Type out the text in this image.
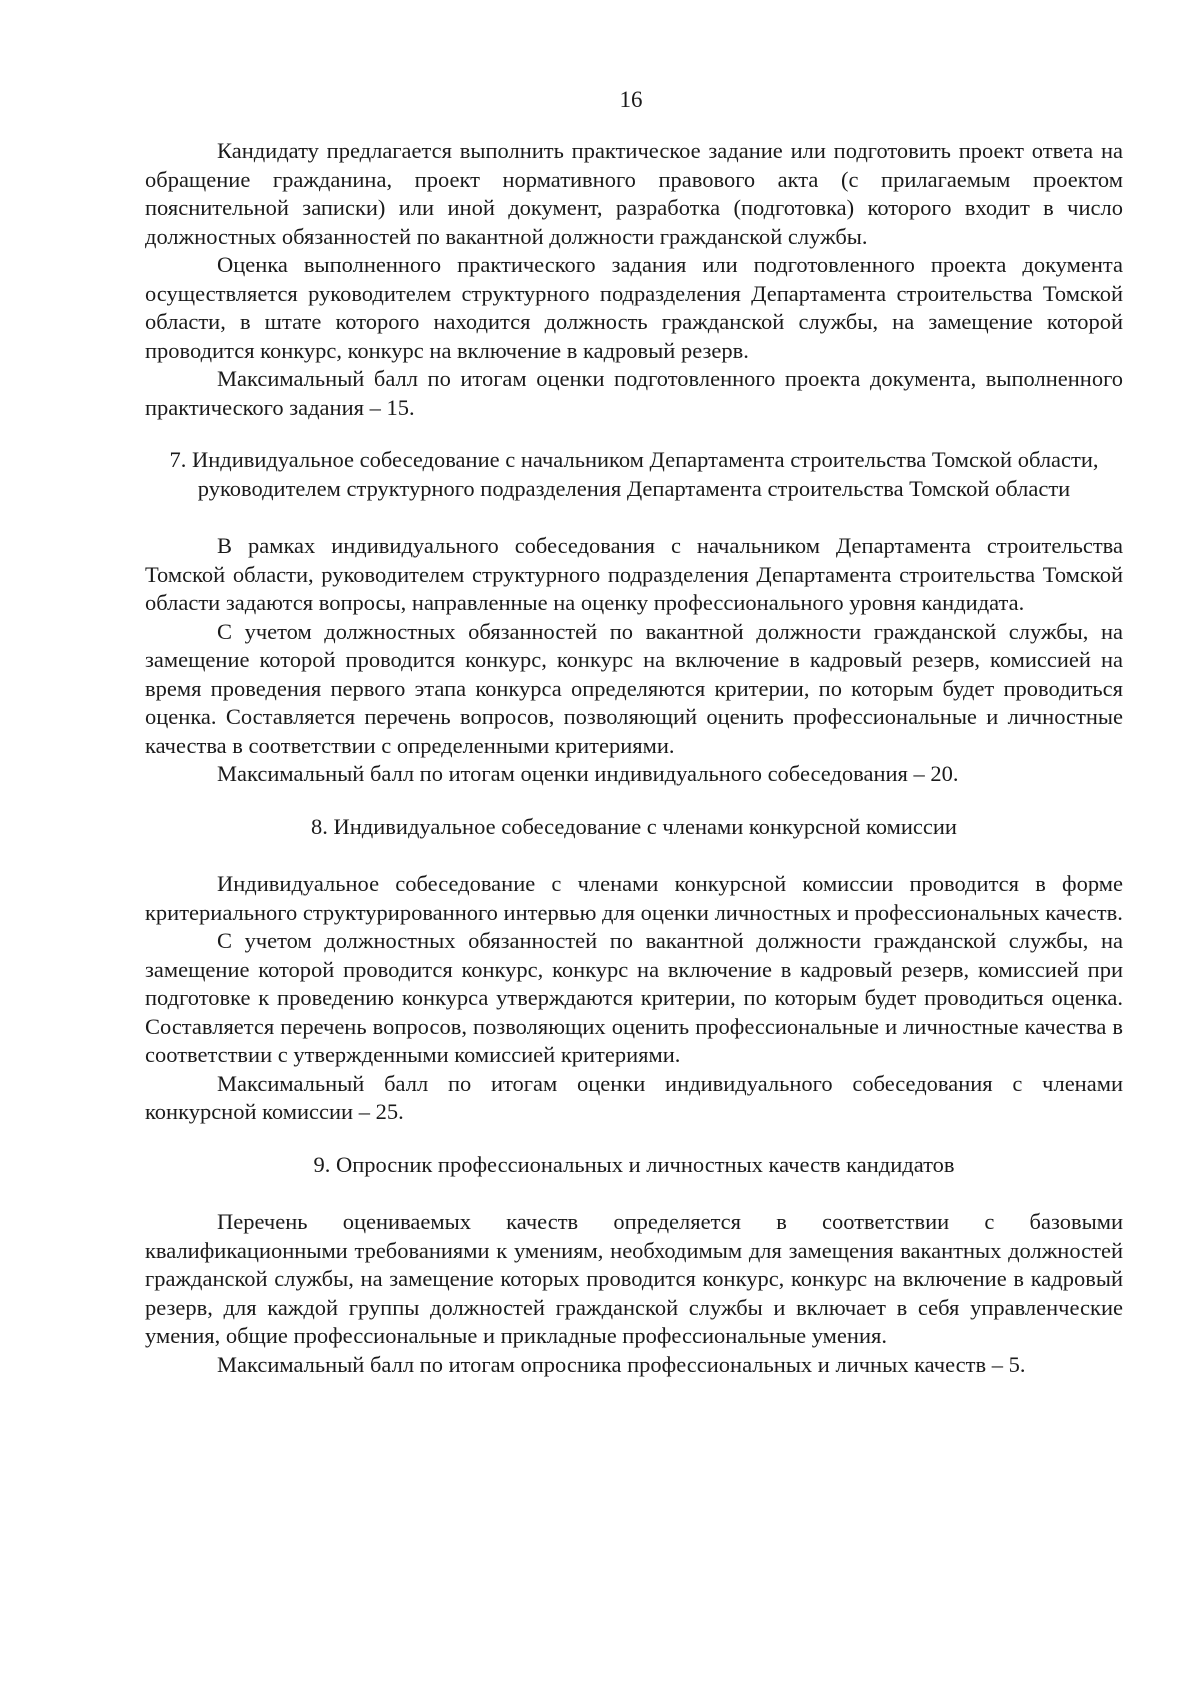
16

Кандидату предлагается выполнить практическое задание или подготовить проект ответа на обращение гражданина, проект нормативного правового акта (с прилагаемым проектом пояснительной записки) или иной документ, разработка (подготовка) которого входит в число должностных обязанностей по вакантной должности гражданской службы.

Оценка выполненного практического задания или подготовленного проекта документа осуществляется руководителем структурного подразделения Департамента строительства Томской области, в штате которого находится должность гражданской службы, на замещение которой проводится конкурс, конкурс на включение в кадровый резерв.

Максимальный балл по итогам оценки подготовленного проекта документа, выполненного практического задания – 15.

7. Индивидуальное собеседование с начальником Департамента строительства Томской области, руководителем структурного подразделения Департамента строительства Томской области

В рамках индивидуального собеседования с начальником Департамента строительства Томской области, руководителем структурного подразделения Департамента строительства Томской области задаются вопросы, направленные на оценку профессионального уровня кандидата.

С учетом должностных обязанностей по вакантной должности гражданской службы, на замещение которой проводится конкурс, конкурс на включение в кадровый резерв, комиссией на время проведения первого этапа конкурса определяются критерии, по которым будет проводиться оценка. Составляется перечень вопросов, позволяющий оценить профессиональные и личностные качества в соответствии с определенными критериями.

Максимальный балл по итогам оценки индивидуального собеседования – 20.

8. Индивидуальное собеседование с членами конкурсной комиссии

Индивидуальное собеседование с членами конкурсной комиссии проводится в форме критериального структурированного интервью для оценки личностных и профессиональных качеств.

С учетом должностных обязанностей по вакантной должности гражданской службы, на замещение которой проводится конкурс, конкурс на включение в кадровый резерв, комиссией при подготовке к проведению конкурса утверждаются критерии, по которым будет проводиться оценка. Составляется перечень вопросов, позволяющих оценить профессиональные и личностные качества в соответствии с утвержденными комиссией критериями.

Максимальный балл по итогам оценки индивидуального собеседования с членами конкурсной комиссии – 25.

9. Опросник профессиональных и личностных качеств кандидатов

Перечень оцениваемых качеств определяется в соответствии с базовыми квалификационными требованиями к умениям, необходимым для замещения вакантных должностей гражданской службы, на замещение которых проводится конкурс, конкурс на включение в кадровый резерв, для каждой группы должностей гражданской службы и включает в себя управленческие умения, общие профессиональные и прикладные профессиональные умения.

Максимальный балл по итогам опросника профессиональных и личных качеств – 5.
